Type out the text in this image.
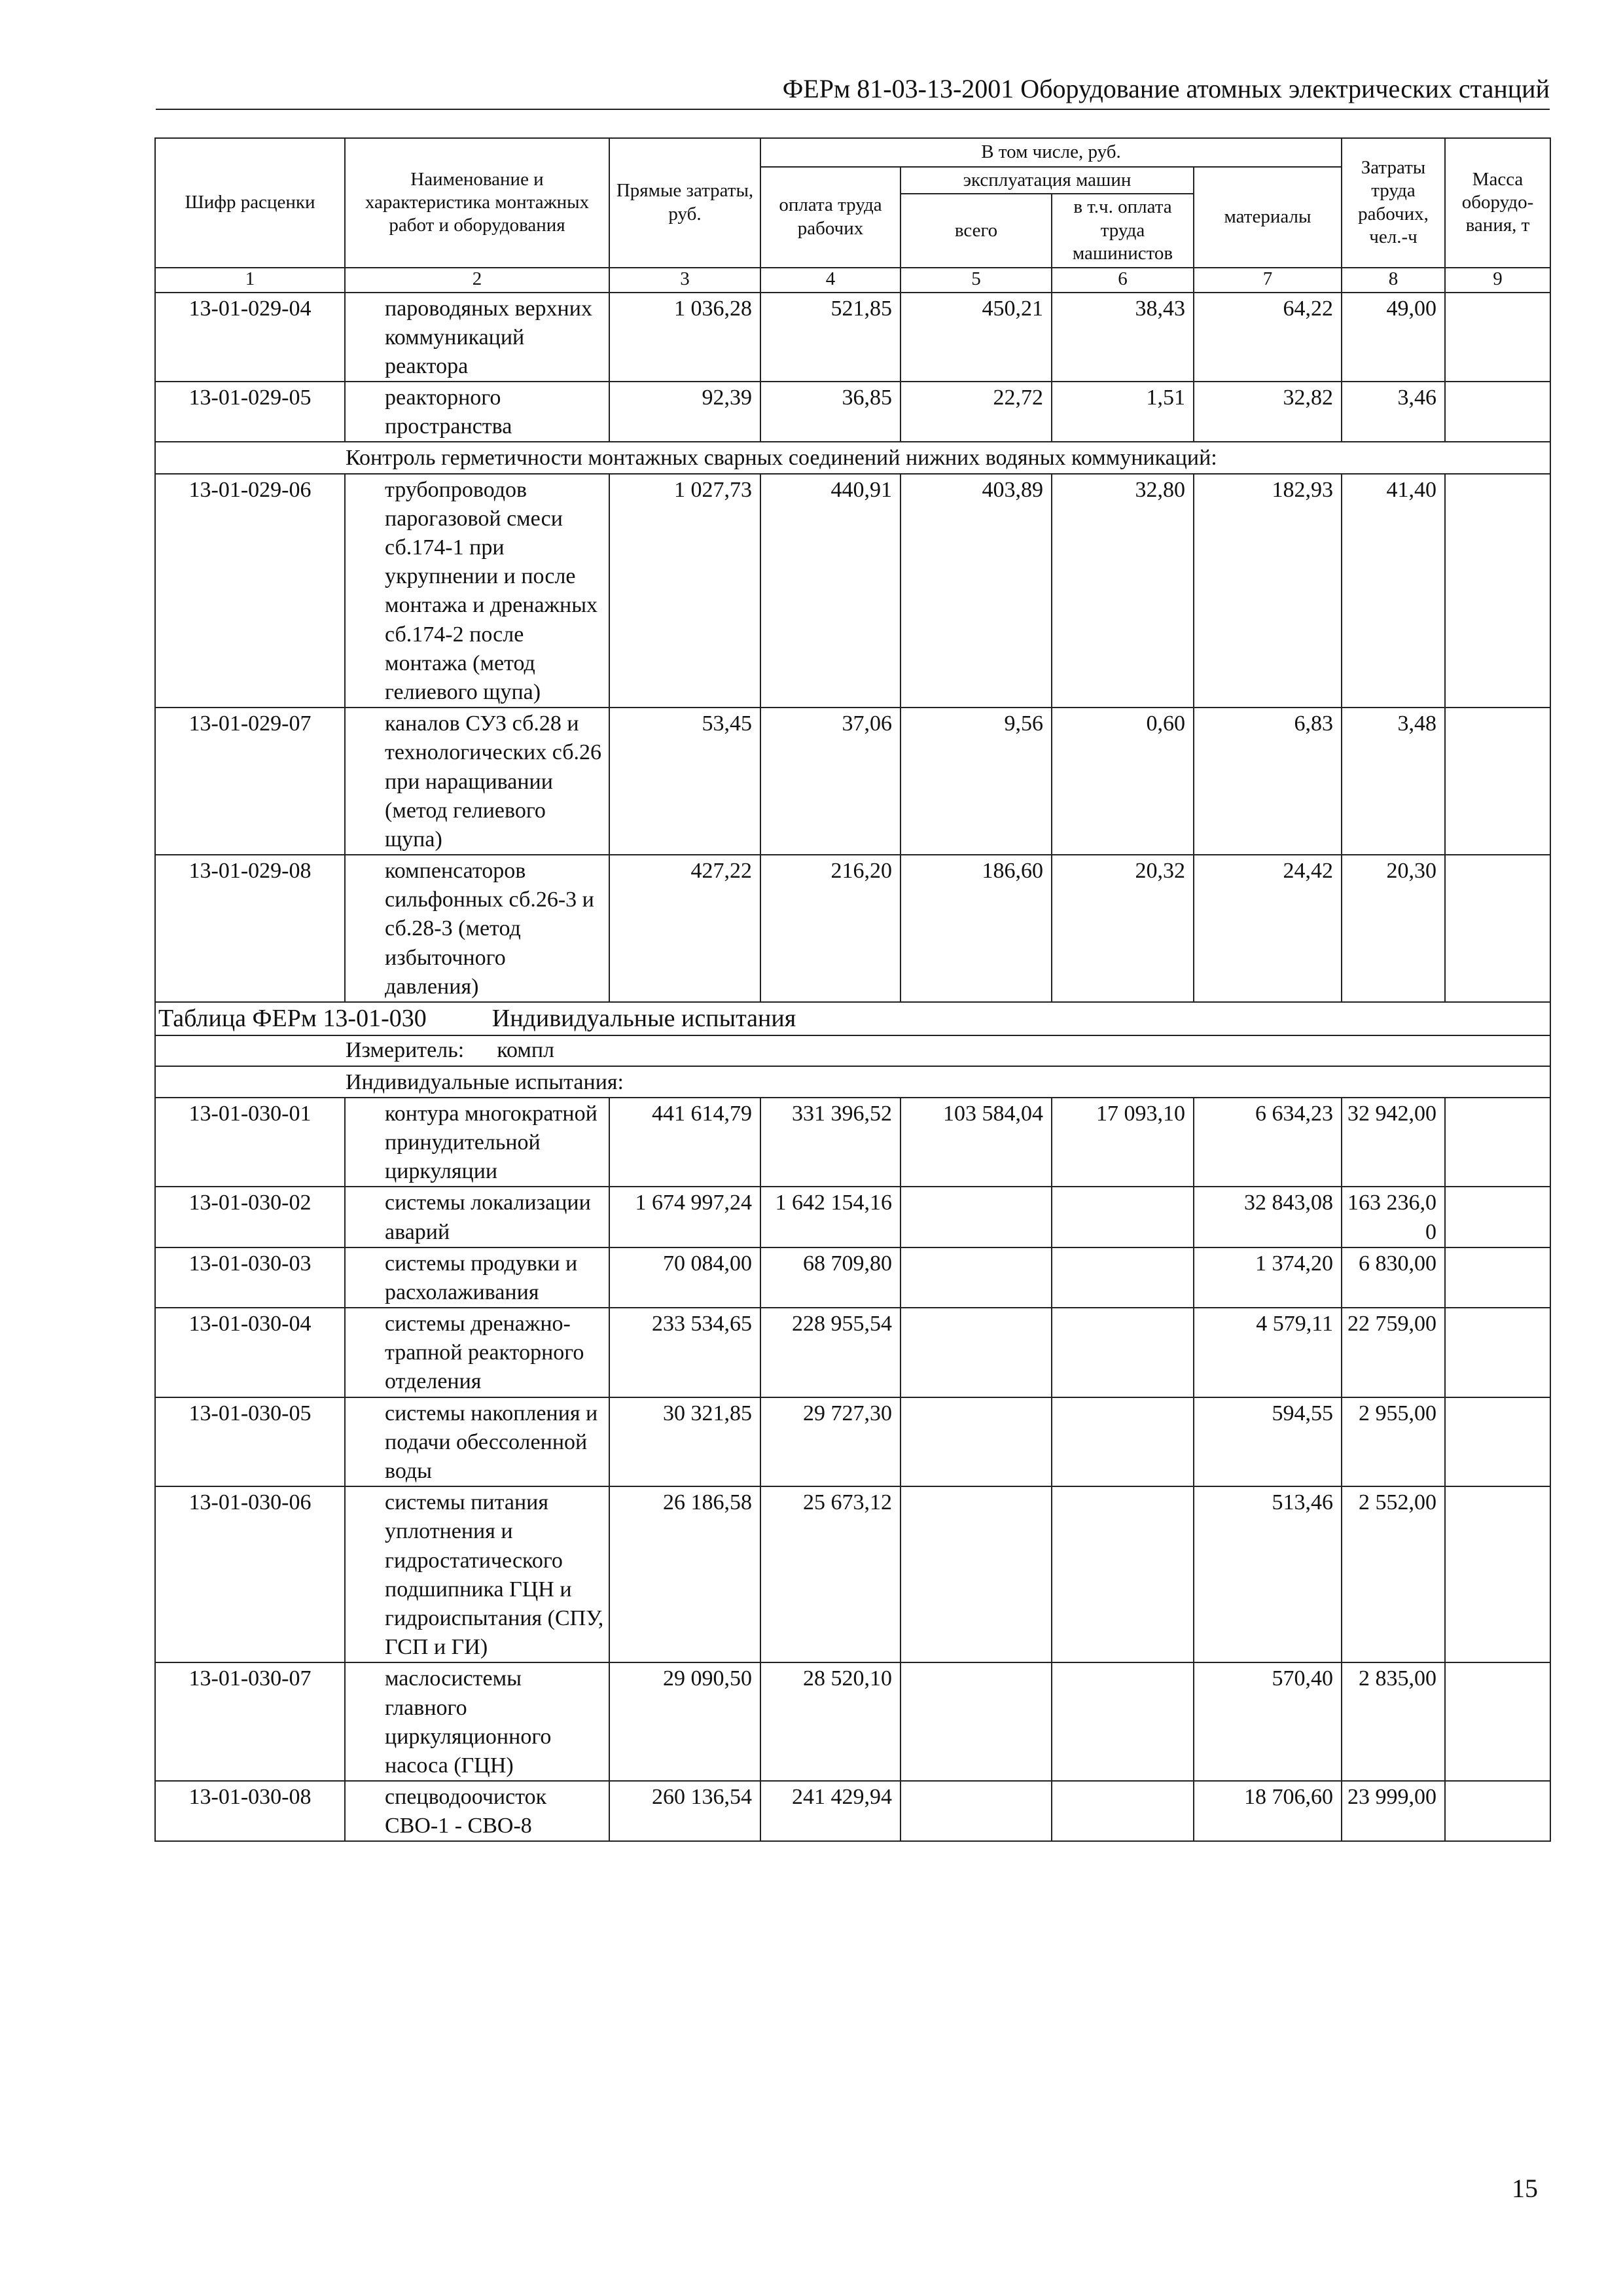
ФЕРм 81-03-13-2001 Оборудование атомных электрических станций
Шифр расценки	Наименование и характеристика монтажных работ и оборудования	Прямые затраты, руб.	В том числе, руб.				Затраты труда рабочих, чел.-ч	Масса оборудо-вания, т
			оплата труда рабочих	эксплуатация машин		материалы		
				всего	в т.ч. оплата труда машинистов			
1	2	3	4	5	6	7	8	9
13-01-029-04	пароводяных верхних коммуникаций реактора	1 036,28	521,85	450,21	38,43	64,22	49,00	
13-01-029-05	реакторного пространства	92,39	36,85	22,72	1,51	32,82	3,46	
Контроль герметичности монтажных сварных соединений нижних водяных коммуникаций:								
13-01-029-06	трубопроводов парогазовой смеси сб.174-1 при укрупнении и после монтажа и дренажных сб.174-2 после монтажа (метод гелиевого щупа)	1 027,73	440,91	403,89	32,80	182,93	41,40	
13-01-029-07	каналов СУЗ сб.28 и технологических сб.26 при наращивании (метод гелиевого щупа)	53,45	37,06	9,56	0,60	6,83	3,48	
13-01-029-08	компенсаторов сильфонных сб.26-3 и сб.28-3 (метод избыточного давления)	427,22	216,20	186,60	20,32	24,42	20,30	
Таблица ФЕРм 13-01-030 Индивидуальные испытания								
Измеритель: компл								
Индивидуальные испытания:								
13-01-030-01	контура многократной принудительной циркуляции	441 614,79	331 396,52	103 584,04	17 093,10	6 634,23	32 942,00	
13-01-030-02	системы локализации аварий	1 674 997,24	1 642 154,16			32 843,08	163 236,00	
13-01-030-03	системы продувки и расхолаживания	70 084,00	68 709,80			1 374,20	6 830,00	
13-01-030-04	системы дренажно-трапной реакторного отделения	233 534,65	228 955,54			4 579,11	22 759,00	
13-01-030-05	системы накопления и подачи обессоленной воды	30 321,85	29 727,30			594,55	2 955,00	
13-01-030-06	системы питания уплотнения и гидростатического подшипника ГЦН и гидроиспытания (СПУ, ГСП и ГИ)	26 186,58	25 673,12			513,46	2 552,00	
13-01-030-07	маслосистемы главного циркуляционного насоса (ГЦН)	29 090,50	28 520,10			570,40	2 835,00	
13-01-030-08	спецводоочисток СВО-1 - СВО-8	260 136,54	241 429,94			18 706,60	23 999,00	
15
